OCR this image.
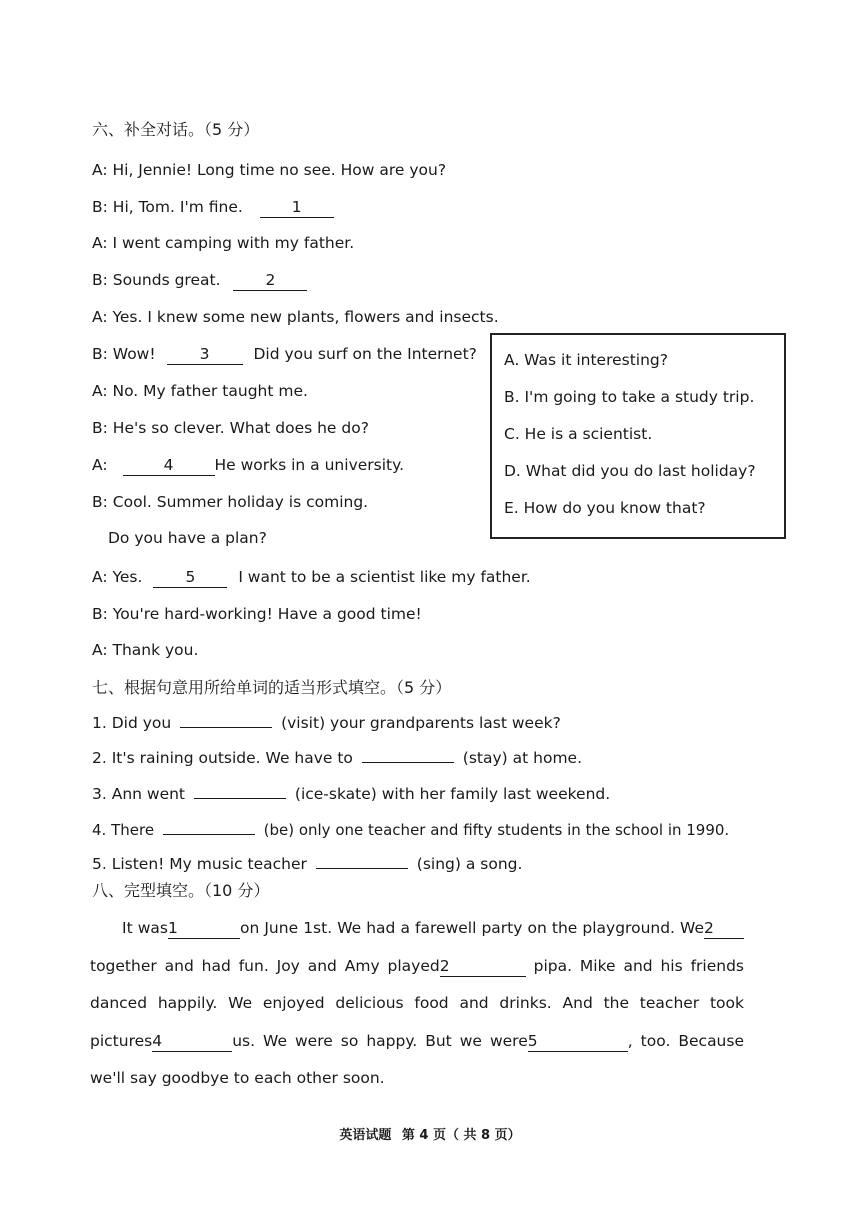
六、补全对话。（5 分）
A: Hi, Jennie! Long time no see. How are you?
B: Hi, Tom. I'm fine.	1
A: I went camping with my father.
B: Sounds great.	2
A: Yes. I knew some new plants, flowers and insects.
B: Wow!	3	Did you surf on the Internet?
A: No. My father taught me.
B: He's so clever. What does he do?
A:	4	He works in a university.
B: Cool. Summer holiday is coming.
Do you have a plan?
A: Yes.	5	I want to be a scientist like my father.
B: You're hard-working! Have a good time!
A: Thank you.
A. Was it interesting?
B. I'm going to take a study trip.
C. He is a scientist.
D. What did you do last holiday?
E. How do you know that?
七、根据句意用所给单词的适当形式填空。（5 分）
1. Did you	(visit) your grandparents last week?
2. It's raining outside. We have to	(stay) at home.
3. Ann went	(ice-skate) with her family last weekend.
4. There	(be) only one teacher and fifty students in the school in 1990.
5. Listen! My music teacher	(sing) a song.
八、完型填空。（10 分）
It was1	on June 1st. We had a farewell party on the playground. We2 together and had fun. Joy and Amy played2	pipa. Mike and his friends danced happily. We enjoyed delicious food and drinks. And the teacher took pictures4	us. We were so happy. But we were5	, too. Because we'll say goodbye to each other soon.
英语试题 第 4 页（ 共 8 页）
